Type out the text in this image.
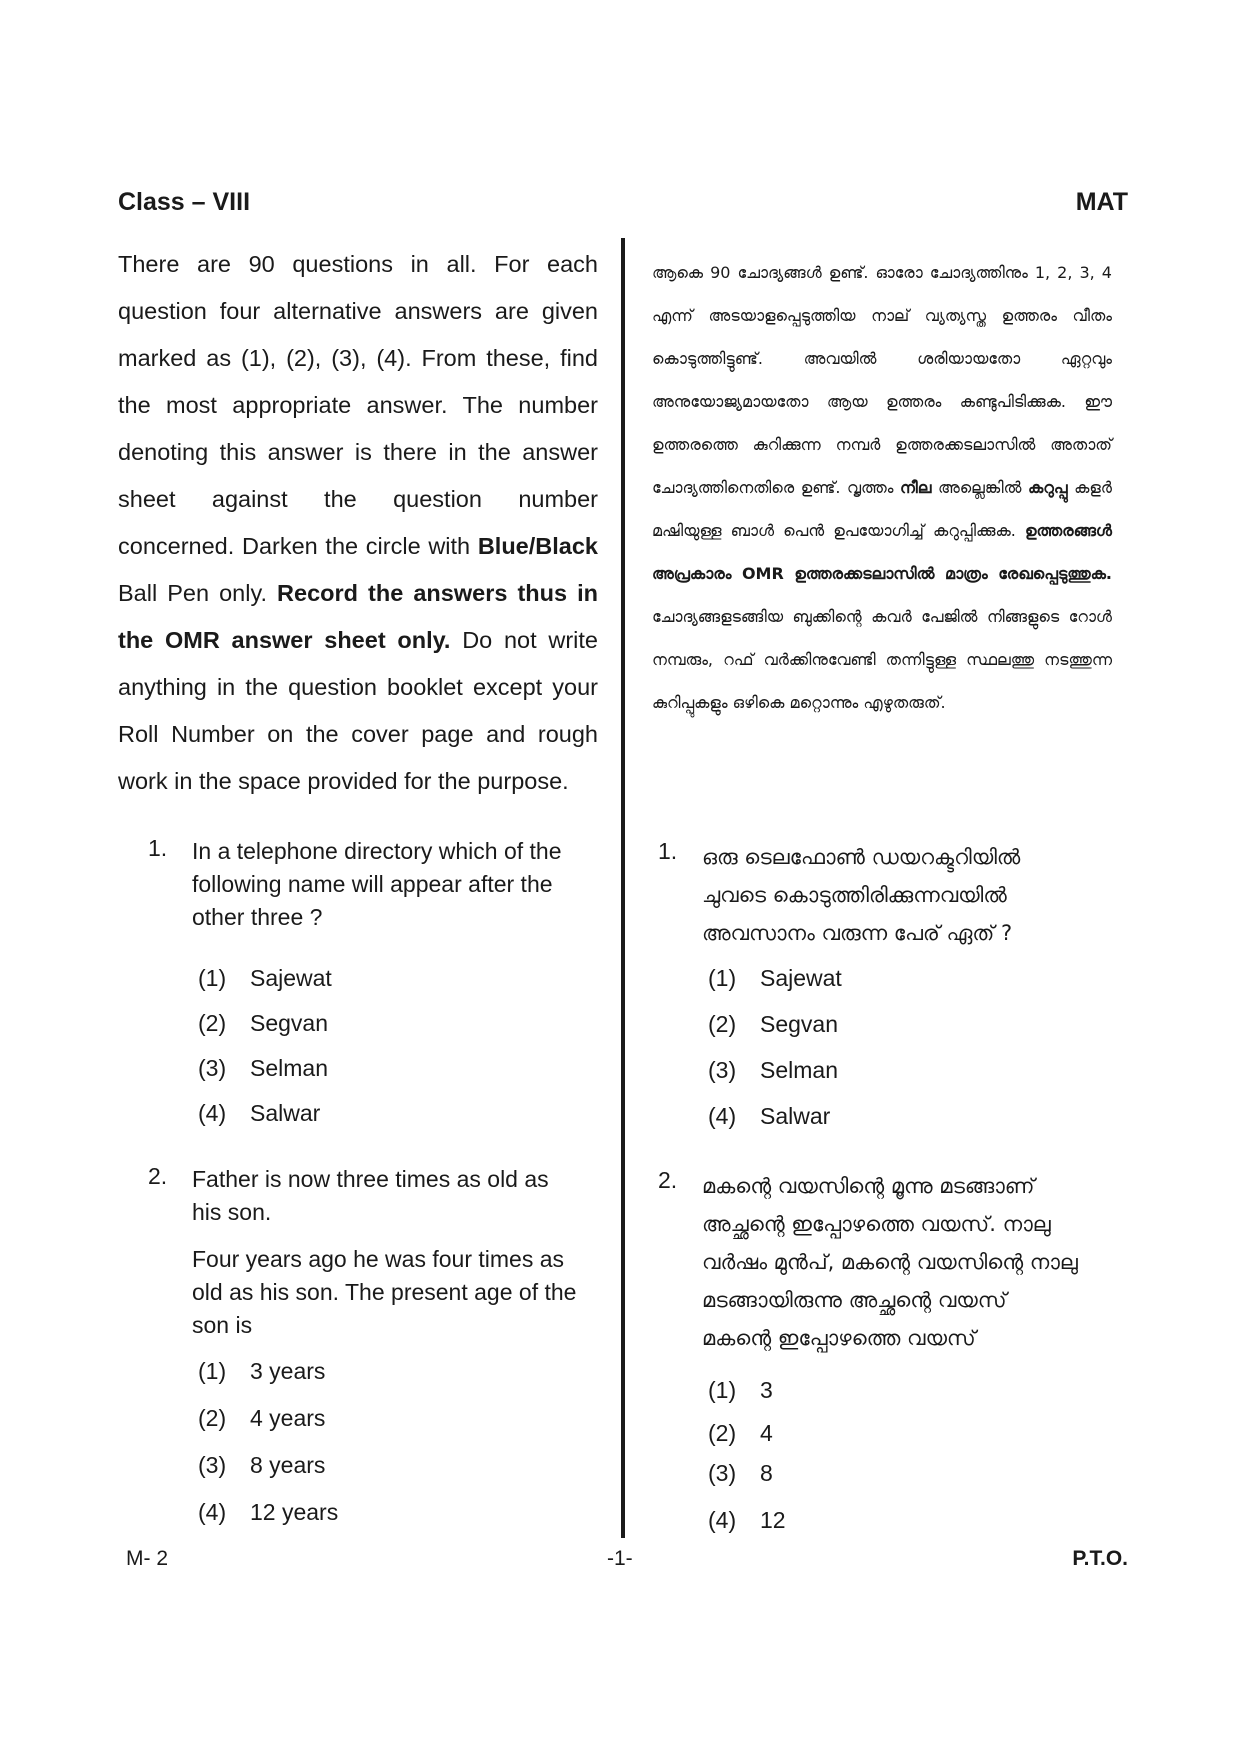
Class – VIII	MAT

There are 90 questions in all. For each question four alternative answers are given marked as (1), (2), (3), (4). From these, find the most appropriate answer. The number denoting this answer is there in the answer sheet against the question number concerned. Darken the circle with Blue/Black Ball Pen only. Record the answers thus in the OMR answer sheet only. Do not write anything in the question booklet except your Roll Number on the cover page and rough work in the space provided for the purpose.

ആകെ 90 ചോദ്യങ്ങൾ ഉണ്ട്. ഓരോ ചോദ്യത്തിനും 1, 2, 3, 4 എന്ന് അടയാളപ്പെടുത്തിയ നാല് വ്യത്യസ്ത ഉത്തരം വീതം കൊടുത്തിട്ടുണ്ട്. അവയിൽ ശരിയായതോ ഏറ്റവും അനുയോജ്യമായതോ ആയ ഉത്തരം കണ്ടുപിടിക്കുക. ഈ ഉത്തരത്തെ കുറിക്കുന്ന നമ്പർ ഉത്തരക്കടലാസിൽ അതാത് ചോദ്യത്തിനെതിരെ ഉണ്ട്. വൃത്തം നീല അല്ലെങ്കിൽ കറുപ്പു കളർ മഷിയുള്ള ബാൾ പെൻ ഉപയോഗിച്ച് കറുപ്പിക്കുക. ഉത്തരങ്ങൾ അപ്രകാരം OMR ഉത്തരക്കടലാസിൽ മാത്രം രേഖപ്പെടുത്തുക. ചോദ്യങ്ങളടങ്ങിയ ബുക്കിന്റെ കവർ പേജിൽ നിങ്ങളുടെ റോൾ നമ്പരും, റഫ് വർക്കിനുവേണ്ടി തന്നിട്ടുള്ള സ്ഥലത്തു നടത്തുന്ന കുറിപ്പുകളും ഒഴികെ മറ്റൊന്നും എഴുതരുത്.

1. In a telephone directory which of the
following name will appear after the
other three ?
(1) Sajewat
(2) Segvan
(3) Selman
(4) Salwar
2. Father is now three times as old as
his son.
Four years ago he was four times as
old as his son. The present age of the
son is
(1) 3 years
(2) 4 years
(3) 8 years
(4) 12 years
1. ഒരു ടെലഫോൺ ഡയറക്ടറിയിൽ
ചുവടെ കൊടുത്തിരിക്കുന്നവയിൽ
അവസാനം വരുന്ന പേര് ഏത് ?
(1) Sajewat
(2) Segvan
(3) Selman
(4) Salwar
2. മകന്റെ വയസിന്റെ മൂന്നു മടങ്ങാണ്
അച്ഛന്റെ ഇപ്പോഴത്തെ വയസ്. നാലു
വർഷം മുൻപ്, മകന്റെ വയസിന്റെ നാലു
മടങ്ങായിരുന്നു അച്ഛന്റെ വയസ്
മകന്റെ ഇപ്പോഴത്തെ വയസ്
(1) 3
(2) 4
(3) 8
(4) 12
M- 2	-1-	P.T.O.
